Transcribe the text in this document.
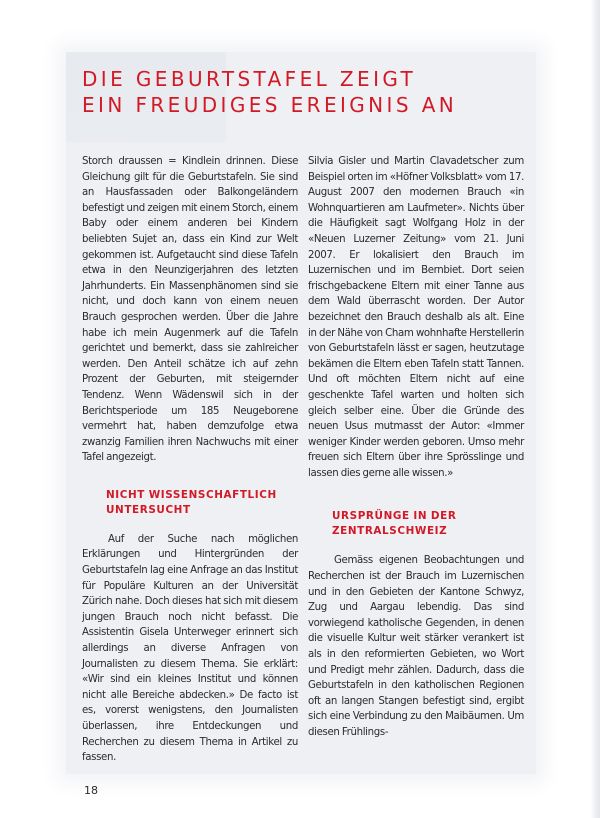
DIE GEBURTSTAFEL ZEIGT
EIN FREUDIGES EREIGNIS AN

Storch draussen = Kindlein drinnen. Diese Gleichung gilt für die Geburtstafeln. Sie sind an Hausfassaden oder Balkongeländern befestigt und zeigen mit einem Storch, einem Baby oder einem anderen bei Kindern beliebten Sujet an, dass ein Kind zur Welt gekommen ist. Aufgetaucht sind diese Tafeln etwa in den Neunzigerjahren des letzten Jahrhunderts. Ein Massenphänomen sind sie nicht, und doch kann von einem neuen Brauch gesprochen werden. Über die Jahre habe ich mein Augenmerk auf die Tafeln gerichtet und bemerkt, dass sie zahlreicher werden. Den Anteil schätze ich auf zehn Prozent der Geburten, mit steigernder Tendenz. Wenn Wädenswil sich in der Berichtsperiode um 185 Neugeborene vermehrt hat, haben demzufolge etwa zwanzig Familien ihren Nachwuchs mit einer Tafel angezeigt.

NICHT WISSENSCHAFTLICH UNTERSUCHT

Auf der Suche nach möglichen Erklärungen und Hintergründen der Geburtstafeln lag eine Anfrage an das Institut für Populäre Kulturen an der Universität Zürich nahe. Doch dieses hat sich mit diesem jungen Brauch noch nicht befasst. Die Assistentin Gisela Unterweger erinnert sich allerdings an diverse Anfragen von Journalisten zu diesem Thema. Sie erklärt: «Wir sind ein kleines Institut und können nicht alle Bereiche abdecken.» De facto ist es, vorerst wenigstens, den Journalisten überlassen, ihre Entdeckungen und Recherchen zu diesem Thema in Artikel zu fassen.

Silvia Gisler und Martin Clavadetscher zum Beispiel orten im «Höfner Volksblatt» vom 17. August 2007 den modernen Brauch «in Wohnquartieren am Laufmeter». Nichts über die Häufigkeit sagt Wolfgang Holz in der «Neuen Luzerner Zeitung» vom 21. Juni 2007. Er lokalisiert den Brauch im Luzernischen und im Bernbiet. Dort seien frischgebackene Eltern mit einer Tanne aus dem Wald überrascht worden. Der Autor bezeichnet den Brauch deshalb als alt. Eine in der Nähe von Cham wohnhafte Herstellerin von Geburtstafeln lässt er sagen, heutzutage bekämen die Eltern eben Tafeln statt Tannen. Und oft möchten Eltern nicht auf eine geschenkte Tafel warten und holten sich gleich selber eine. Über die Gründe des neuen Usus mutmasst der Autor: «Immer weniger Kinder werden geboren. Umso mehr freuen sich Eltern über ihre Sprösslinge und lassen dies gerne alle wissen.»

URSPRÜNGE IN DER ZENTRALSCHWEIZ

Gemäss eigenen Beobachtungen und Recherchen ist der Brauch im Luzernischen und in den Gebieten der Kantone Schwyz, Zug und Aargau lebendig. Das sind vorwiegend katholische Gegenden, in denen die visuelle Kultur weit stärker verankert ist als in den reformierten Gebieten, wo Wort und Predigt mehr zählen. Dadurch, dass die Geburtstafeln in den katholischen Regionen oft an langen Stangen befestigt sind, ergibt sich eine Verbindung zu den Maibäumen. Um diesen Frühlings-

18
